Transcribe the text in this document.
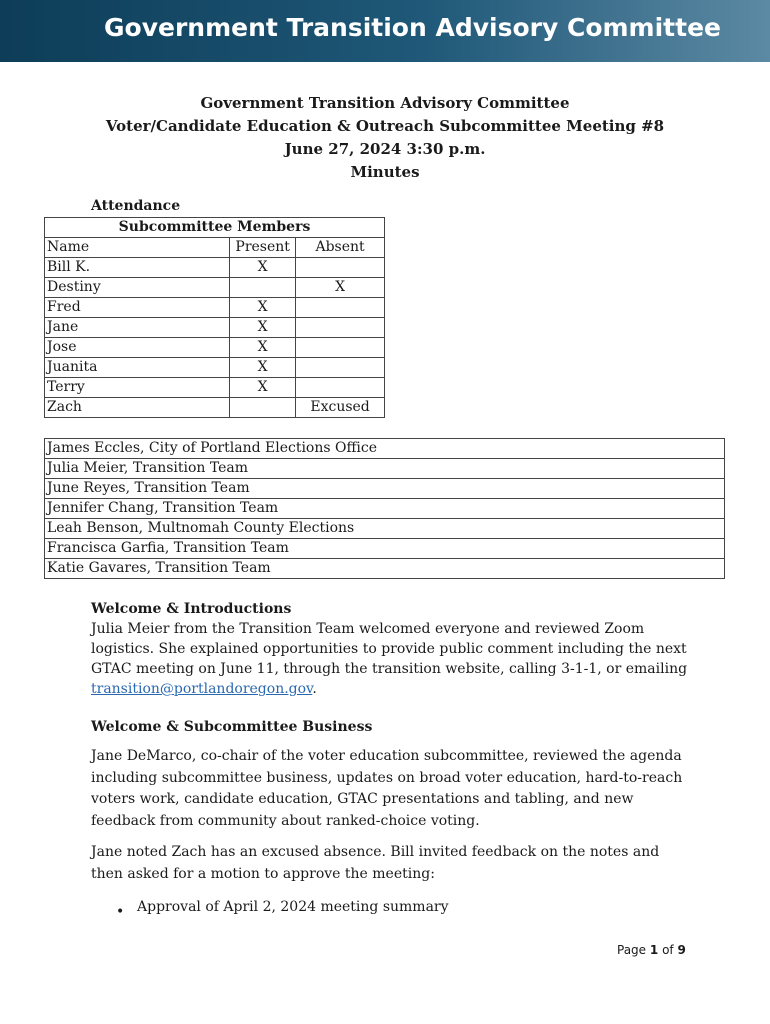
Government Transition Advisory Committee
Government Transition Advisory Committee
Voter/Candidate Education & Outreach Subcommittee Meeting #8
June 27, 2024 3:30 p.m.
Minutes
Attendance
Subcommittee Members		
Name	Present	Absent
Bill K.	X	
Destiny		X
Fred	X	
Jane	X	
Jose	X	
Juanita	X	
Terry	X	
Zach		Excused
James Eccles, City of Portland Elections Office
Julia Meier, Transition Team
June Reyes, Transition Team
Jennifer Chang, Transition Team
Leah Benson, Multnomah County Elections
Francisca Garfia, Transition Team
Katie Gavares, Transition Team
Welcome & Introductions
Julia Meier from the Transition Team welcomed everyone and reviewed Zoom logistics. She explained opportunities to provide public comment including the next GTAC meeting on June 11, through the transition website, calling 3-1-1, or emailing transition@portlandoregon.gov.
Welcome & Subcommittee Business
Jane DeMarco, co-chair of the voter education subcommittee, reviewed the agenda including subcommittee business, updates on broad voter education, hard-to-reach voters work, candidate education, GTAC presentations and tabling, and new feedback from community about ranked-choice voting.
Jane noted Zach has an excused absence. Bill invited feedback on the notes and then asked for a motion to approve the meeting:
• Approval of April 2, 2024 meeting summary
Page 1 of 9
